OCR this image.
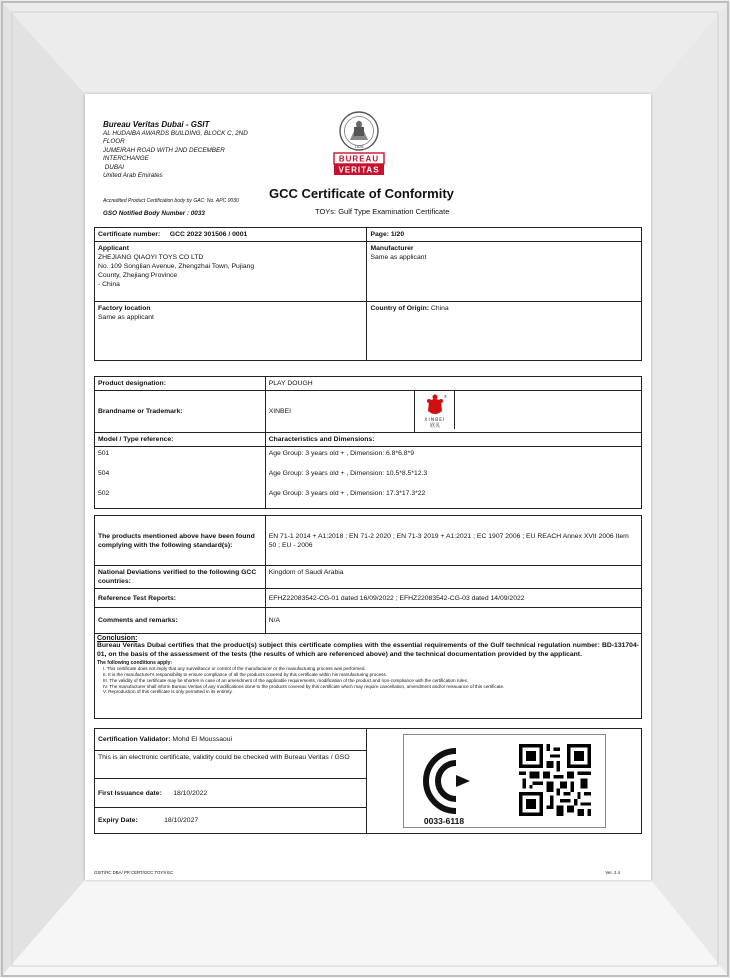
Bureau Veritas Dubai - GSIT
AL HUDAIBA AWARDS BUILDING, BLOCK C, 2ND
FLOOR
JUMEIRAH ROAD WITH 2ND DECEMBER
INTERCHANGE
DUBAI
United Arab Emirates
Accredited Product Certification body by GAC: No. APC 0030
GSO Notified Body Number : 0033
1828
BUREAU
VERITAS
GCC Certificate of Conformity
TOYs: Gulf Type Examination Certificate
Certificate number: GCC 2022 301506 / 0001	Page: 1/20

Applicant
ZHEJIANG QIAOYI TOYS CO LTD
No. 109 Songlian Avenue, Zhengzhai Town, Pujiang
County, Zhejiang Province
- China	Manufacturer
Same as applicant

Factory location
Same as applicant	Country of Origin: China
Product designation:	PLAY DOUGH	
Brandname or Trademark:	XINBEI	®
XINBEI
欣贝

Model / Type reference:	Characteristics and Dimensions:	
501	Age Group: 3 years old + , Dimension: 6.8*6.8*9	
504	Age Group: 3 years old + , Dimension: 10.5*8.5*12.3	
502	Age Group: 3 years old + , Dimension: 17.3*17.3*22	
The products mentioned above have been found complying with the following standard(s):	EN 71-1 2014 + A1:2018 ; EN 71-2 2020 ; EN 71-3 2019 + A1:2021 ; EC 1907 2006 ; EU REACH Annex XVII 2006 Item 50 ; EU - 2006
National Deviations verified to the following GCC countries:	Kingdom of Saudi Arabia
Reference Test Reports:	EFHZ22083542-CG-01 dated 16/09/2022 ; EFHZ22083542-CG-03 dated 14/09/2022
Comments and remarks:	N/A
Conclusion:
Bureau Veritas Dubai certifies that the product(s) subject this certificate complies with the essential requirements of the Gulf technical regulation number: BD-131704-01, on the basis of the assessment of the tests (the results of which are referenced above) and the technical documentation provided by the applicant.
The following conditions apply:
I. This certificate does not imply that any surveillance or control of the manufacturer or the manufacturing process was performed.
II. It is the manufacturer's responsibility to ensure compliance of all the products covered by this certificate within his manufacturing process.
III. The validity of the certificate may be shorten in case of an amendment of the applicable requirements, modification of the product and non-compliance with the certification rules.
IV. The manufacturer shall inform Bureau Veritas of any modifications done to the products covered by this certificate which may require cancellation, amendment and/or reissuance of this certificate.
V. Reproduction of this certificate is only permitted in its entirety.
Certification Validator: Mohd El Moussaoui	
0033-6118

This is an electronic certificate, validity could be checked with Bureau Veritas / GSO
First Issuance date: 18/10/2022
Expiry Date:	18/10/2027
GSIT/RC DBA/ PR CERT/GCC TOYS EC	Ver. 2.4
